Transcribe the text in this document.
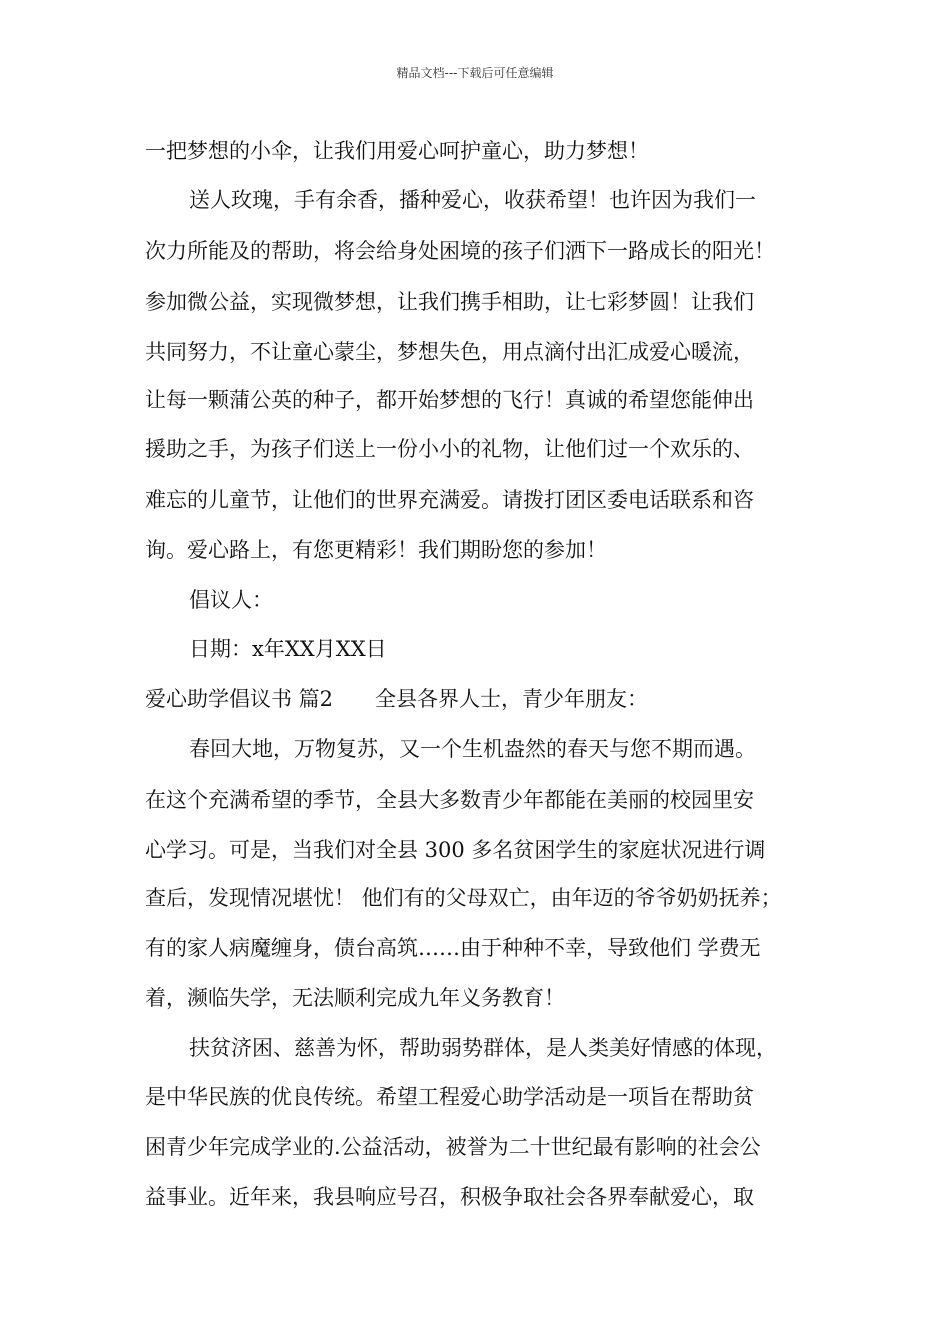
精品文档---下载后可任意编辑
一把梦想的小伞，让我们用爱心呵护童心，助力梦想！
送人玫瑰，手有余香，播种爱心，收获希望！也许因为我们一
次力所能及的帮助，将会给身处困境的孩子们洒下一路成长的阳光！
参加微公益，实现微梦想，让我们携手相助，让七彩梦圆！让我们
共同努力，不让童心蒙尘，梦想失色，用点滴付出汇成爱心暖流，
让每一颗蒲公英的种子，都开始梦想的飞行！真诚的希望您能伸出
援助之手，为孩子们送上一份小小的礼物，让他们过一个欢乐的、
难忘的儿童节，让他们的世界充满爱。请拨打团区委电话联系和咨
询。爱心路上，有您更精彩！我们期盼您的参加！
倡议人：
日期：x年XX月XX日
爱心助学倡议书 篇2 全县各界人士，青少年朋友：
春回大地，万物复苏，又一个生机盎然的春天与您不期而遇。
在这个充满希望的季节，全县大多数青少年都能在美丽的校园里安
心学习。可是，当我们对全县 300 多名贫困学生的家庭状况进行调
查后，发现情况堪忧！ 他们有的父母双亡，由年迈的爷爷奶奶抚养；
有的家人病魔缠身，债台高筑……由于种种不幸，导致他们 学费无
着，濒临失学，无法顺利完成九年义务教育！
扶贫济困、慈善为怀，帮助弱势群体，是人类美好情感的体现，
是中华民族的优良传统。希望工程爱心助学活动是一项旨在帮助贫
困青少年完成学业的.公益活动，被誉为二十世纪最有影响的社会公
益事业。近年来，我县响应号召，积极争取社会各界奉献爱心，取
